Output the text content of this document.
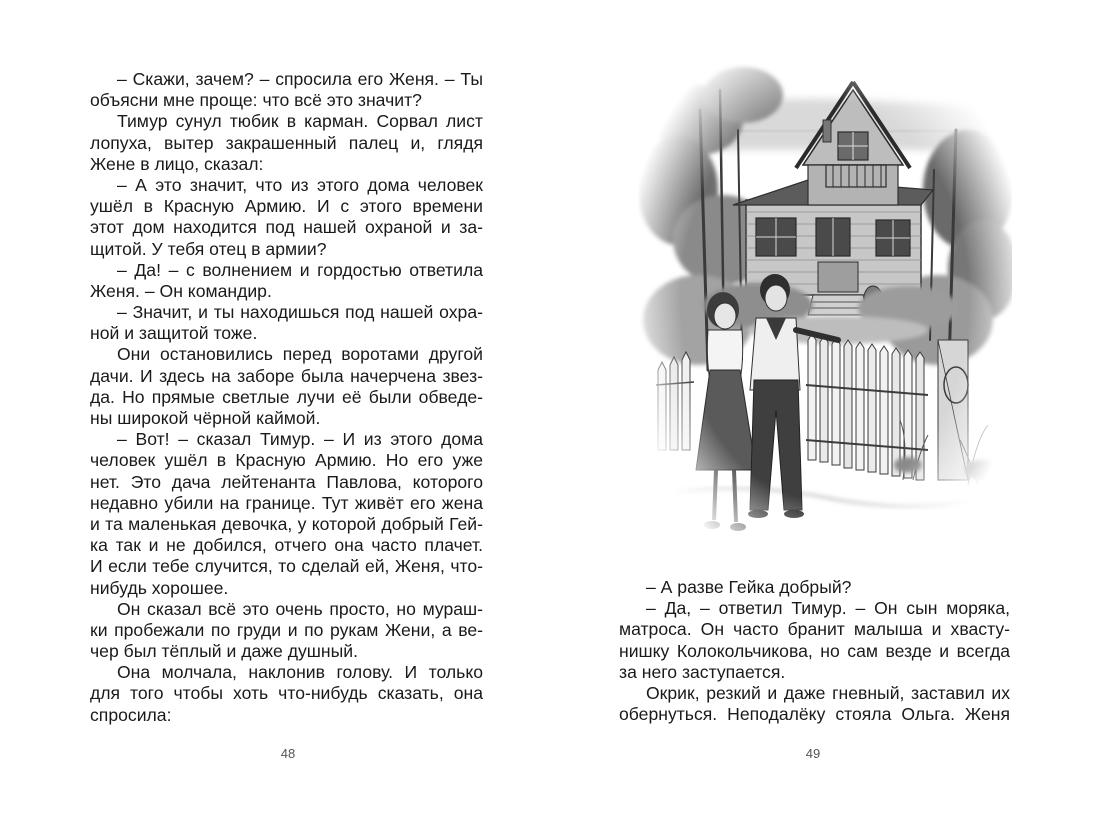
– Скажи, зачем? – спросила его Женя. – Ты
объясни мне проще: что всё это значит?
Тимур сунул тюбик в карман. Сорвал лист
лопуха, вытер закрашенный палец и, глядя
Жене в лицо, сказал:
– А это значит, что из этого дома человек
ушёл в Красную Армию. И с этого времени
этот дом находится под нашей охраной и за-
щитой. У тебя отец в армии?
– Да! – с волнением и гордостью ответила
Женя. – Он командир.
– Значит, и ты находишься под нашей охра-
ной и защитой тоже.
Они остановились перед воротами другой
дачи. И здесь на заборе была начерчена звез-
да. Но прямые светлые лучи её были обведе-
ны широкой чёрной каймой.
– Вот! – сказал Тимур. – И из этого дома
человек ушёл в Красную Армию. Но его уже
нет. Это дача лейтенанта Павлова, которого
недавно убили на границе. Тут живёт его жена
и та маленькая девочка, у которой добрый Гей-
ка так и не добился, отчего она часто плачет.
И если тебе случится, то сделай ей, Женя, что-
нибудь хорошее.
Он сказал всё это очень просто, но мураш-
ки пробежали по груди и по рукам Жени, а ве-
чер был тёплый и даже душный.
Она молчала, наклонив голову. И только
для того чтобы хоть что-нибудь сказать, она
спросила:
48
– А разве Гейка добрый?
– Да, – ответил Тимур. – Он сын моряка,
матроса. Он часто бранит малыша и хвасту-
нишку Колокольчикова, но сам везде и всегда
за него заступается.
Окрик, резкий и даже гневный, заставил их
обернуться. Неподалёку стояла Ольга. Женя
49
